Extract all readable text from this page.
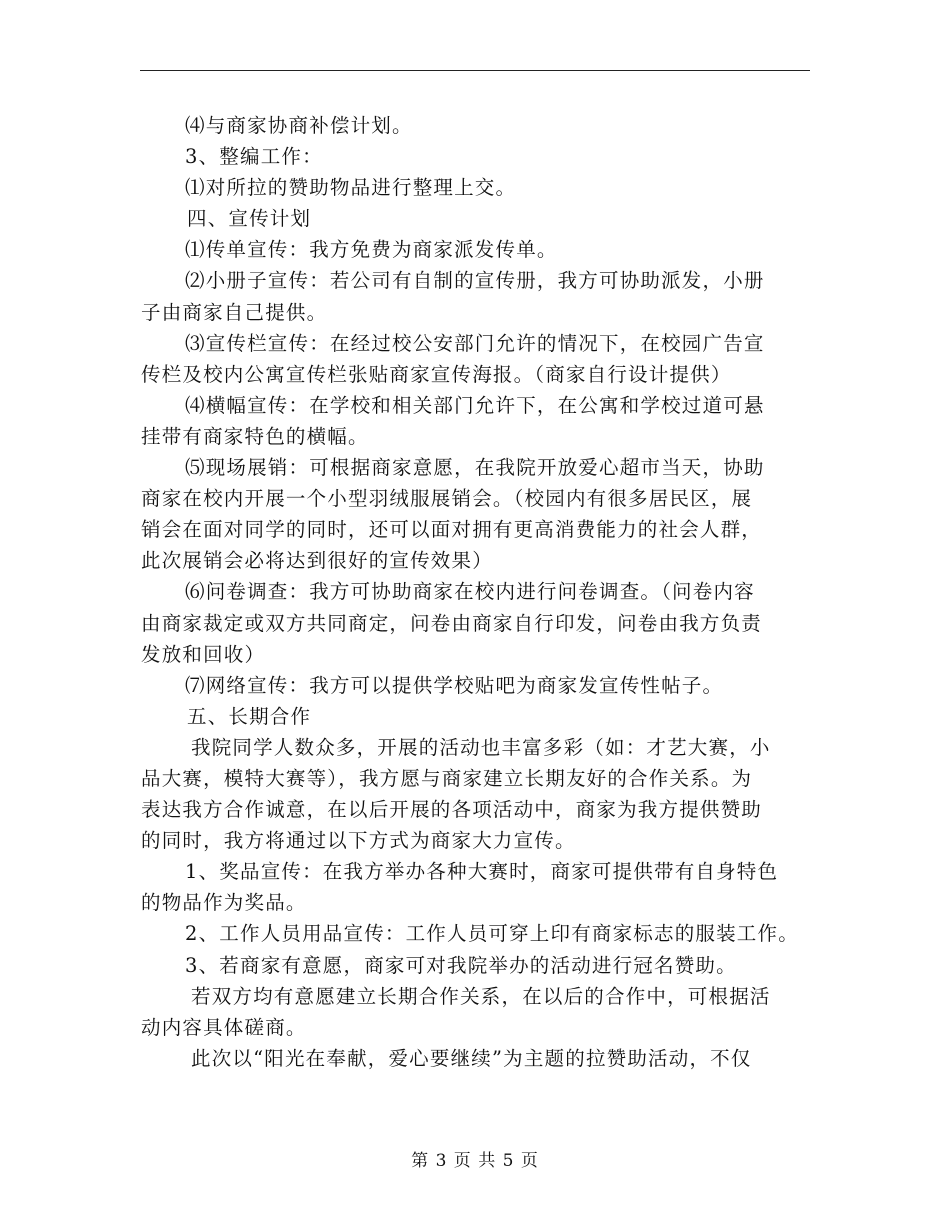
⑷与商家协商补偿计划。
3、整编工作：
⑴对所拉的赞助物品进行整理上交。
四、宣传计划
⑴传单宣传：我方免费为商家派发传单。
⑵小册子宣传：若公司有自制的宣传册，我方可协助派发，小册
子由商家自己提供。
⑶宣传栏宣传：在经过校公安部门允许的情况下，在校园广告宣
传栏及校内公寓宣传栏张贴商家宣传海报。（商家自行设计提供）
⑷横幅宣传：在学校和相关部门允许下，在公寓和学校过道可悬
挂带有商家特色的横幅。
⑸现场展销：可根据商家意愿，在我院开放爱心超市当天，协助
商家在校内开展一个小型羽绒服展销会。（校园内有很多居民区，展
销会在面对同学的同时，还可以面对拥有更高消费能力的社会人群，
此次展销会必将达到很好的宣传效果）
⑹问卷调查：我方可协助商家在校内进行问卷调查。（问卷内容
由商家裁定或双方共同商定，问卷由商家自行印发，问卷由我方负责
发放和回收）
⑺网络宣传：我方可以提供学校贴吧为商家发宣传性帖子。
五、长期合作
我院同学人数众多，开展的活动也丰富多彩（如：才艺大赛，小
品大赛，模特大赛等），我方愿与商家建立长期友好的合作关系。为
表达我方合作诚意，在以后开展的各项活动中，商家为我方提供赞助
的同时，我方将通过以下方式为商家大力宣传。
1、奖品宣传：在我方举办各种大赛时，商家可提供带有自身特色
的物品作为奖品。
2、工作人员用品宣传：工作人员可穿上印有商家标志的服装工作。
3、若商家有意愿，商家可对我院举办的活动进行冠名赞助。
若双方均有意愿建立长期合作关系，在以后的合作中，可根据活
动内容具体磋商。
此次以“阳光在奉献，爱心要继续”为主题的拉赞助活动，不仅
第 3 页 共 5 页
